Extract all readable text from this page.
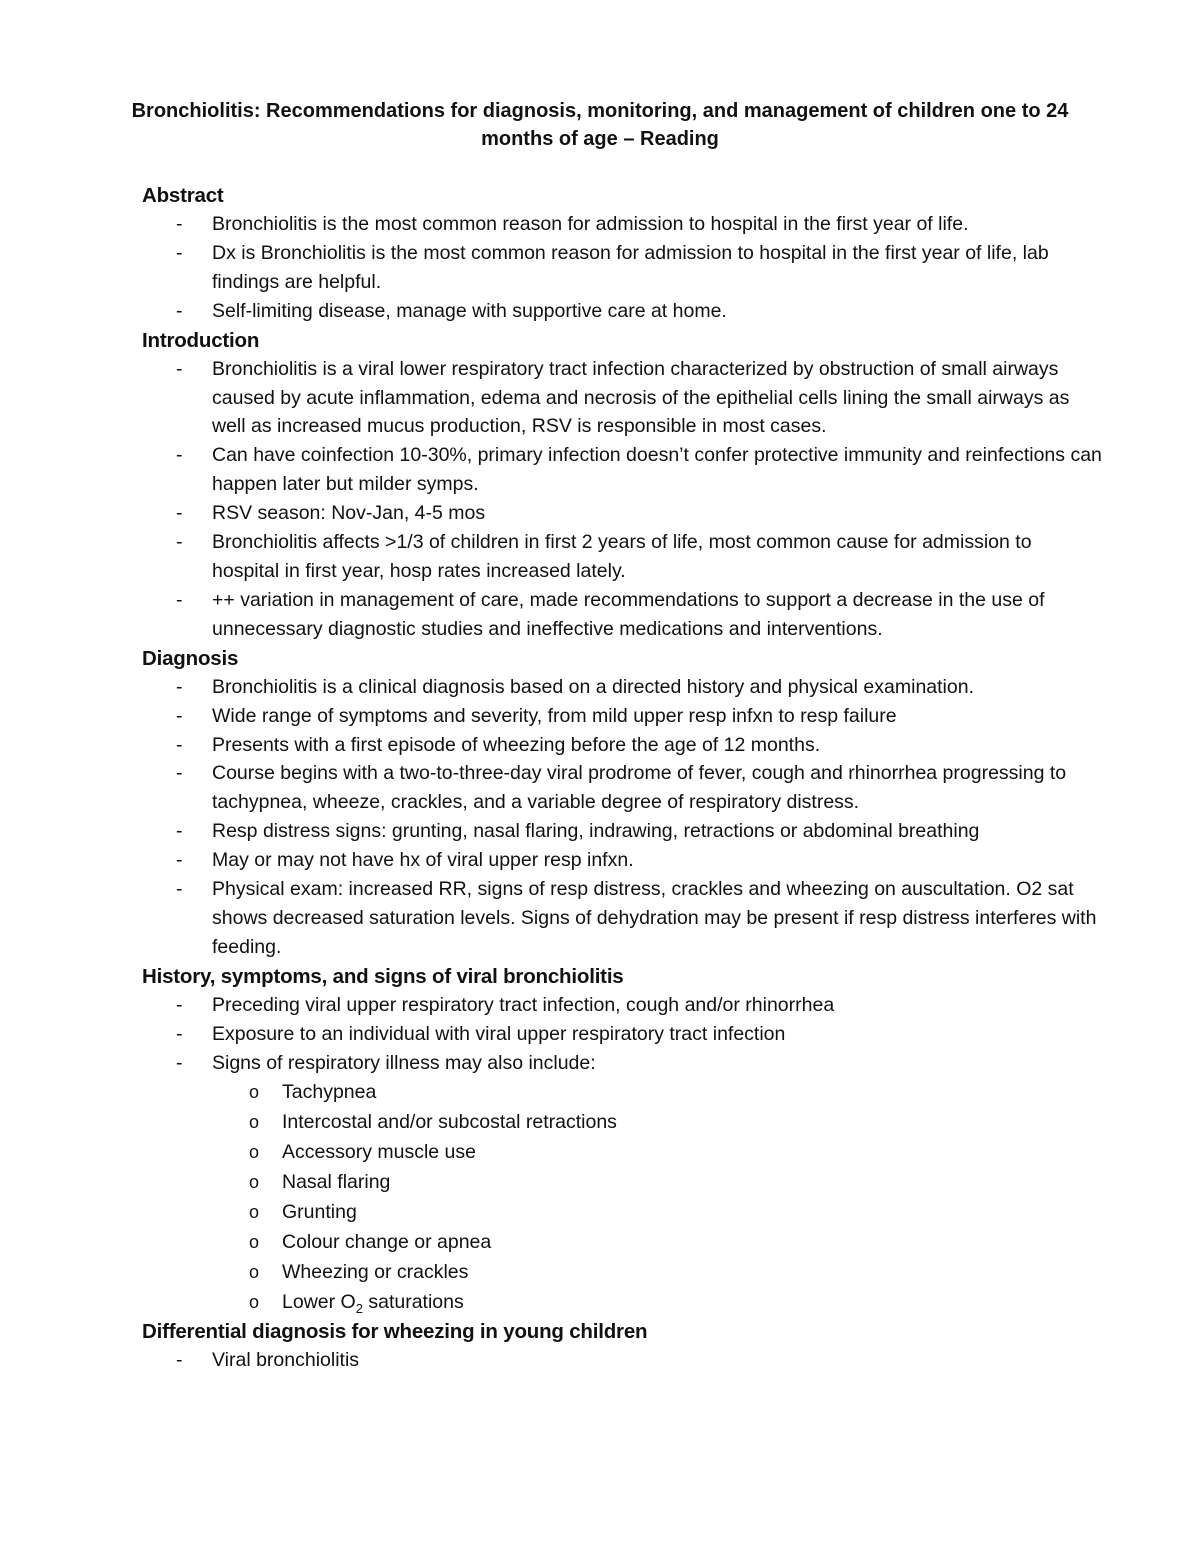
Bronchiolitis: Recommendations for diagnosis, monitoring, and management of children one to 24 months of age – Reading
Abstract
- Bronchiolitis is the most common reason for admission to hospital in the first year of life.
- Dx is Bronchiolitis is the most common reason for admission to hospital in the first year of life, lab findings are helpful.
- Self-limiting disease, manage with supportive care at home.
Introduction
- Bronchiolitis is a viral lower respiratory tract infection characterized by obstruction of small airways caused by acute inflammation, edema and necrosis of the epithelial cells lining the small airways as well as increased mucus production, RSV is responsible in most cases.
- Can have coinfection 10-30%, primary infection doesn’t confer protective immunity and reinfections can happen later but milder symps.
- RSV season: Nov-Jan, 4-5 mos
- Bronchiolitis affects >1/3 of children in first 2 years of life, most common cause for admission to hospital in first year, hosp rates increased lately.
- ++ variation in management of care, made recommendations to support a decrease in the use of unnecessary diagnostic studies and ineffective medications and interventions.
Diagnosis
- Bronchiolitis is a clinical diagnosis based on a directed history and physical examination.
- Wide range of symptoms and severity, from mild upper resp infxn to resp failure
- Presents with a first episode of wheezing before the age of 12 months.
- Course begins with a two-to-three-day viral prodrome of fever, cough and rhinorrhea progressing to tachypnea, wheeze, crackles, and a variable degree of respiratory distress.
- Resp distress signs: grunting, nasal flaring, indrawing, retractions or abdominal breathing
- May or may not have hx of viral upper resp infxn.
- Physical exam: increased RR, signs of resp distress, crackles and wheezing on auscultation. O2 sat shows decreased saturation levels. Signs of dehydration may be present if resp distress interferes with feeding.
History, symptoms, and signs of viral bronchiolitis
- Preceding viral upper respiratory tract infection, cough and/or rhinorrhea
- Exposure to an individual with viral upper respiratory tract infection
- Signs of respiratory illness may also include:
o Tachypnea
o Intercostal and/or subcostal retractions
o Accessory muscle use
o Nasal flaring
o Grunting
o Colour change or apnea
o Wheezing or crackles
o Lower $O_2$ saturations
Differential diagnosis for wheezing in young children
- Viral bronchiolitis
